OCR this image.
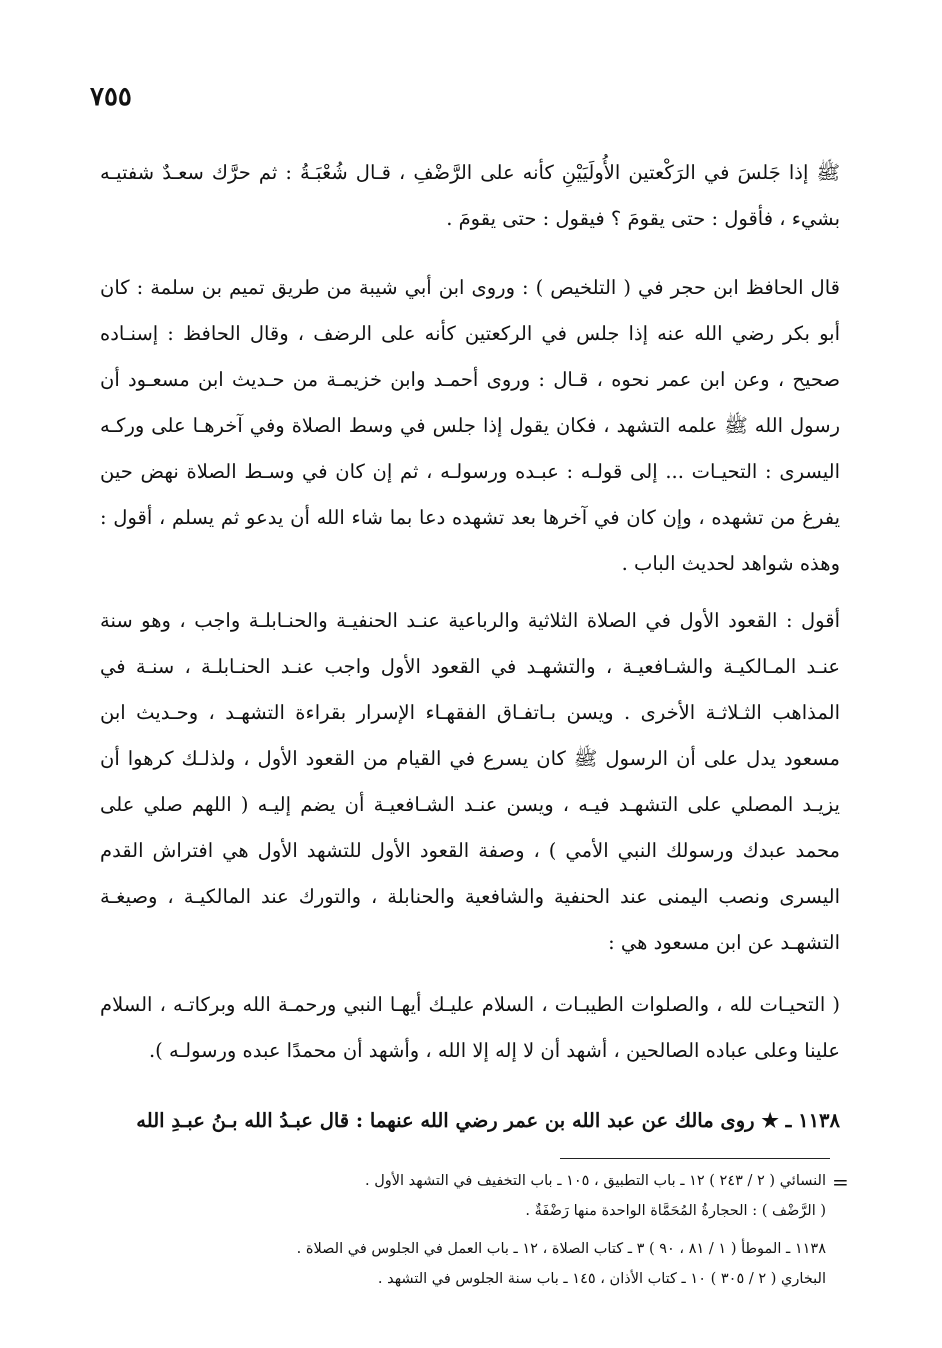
٧٥٥

ﷺ إذا جَلسَ في الرَكْعتين الأُولَيَيْنِ كأنه على الرَّضْفِ ، قـال شُعْبَـةُ : ثم حرَّك سعـدٌ شفتيـه بشيء ، فأقول : حتى يقومَ ؟ فيقول : حتى يقومَ .

قال الحافظ ابن حجر في ( التلخيص ) : وروى ابن أبي شيبة من طريق تميم بن سلمة : كان أبو بكر رضي الله عنه إذا جلس في الركعتين كأنه على الرضف ، وقال الحافظ : إسنـاده صحيح ، وعن ابن عمر نحوه ، قـال : وروى أحمـد وابن خزيمـة من حـديث ابن مسعـود أن رسول الله ﷺ علمه التشهد ، فكان يقول إذا جلس في وسط الصلاة وفي آخرهـا على وركـه اليسرى : التحيـات ... إلى قولـه : عبـده ورسولـه ، ثم إن كان في وسـط الصلاة نهض حين يفرغ من تشهده ، وإن كان في آخرها بعد تشهده دعا بما شاء الله أن يدعو ثم يسلم ، أقول : وهذه شواهد لحديث الباب .

أقول : القعود الأول في الصلاة الثلاثية والرباعية عنـد الحنفيـة والحنـابلـة واجب ، وهو سنة عنـد المـالكيـة والشـافعيـة ، والتشهـد في القعود الأول واجب عنـد الحنـابلـة ، سنـة في المذاهب الثـلاثـة الأخرى . ويسن بـاتفـاق الفقهـاء الإسرار بقراءة التشهـد ، وحـديث ابن مسعود يدل على أن الرسول ﷺ كان يسرع في القيام من القعود الأول ، ولذلـك كرهوا أن يزيـد المصلي على التشهـد فيـه ، ويسن عنـد الشـافعيـة أن يضم إليـه ( اللهم صلي على محمد عبدك ورسولك النبي الأمي ) ، وصفة القعود الأول للتشهد الأول هي افتراش القدم اليسرى ونصب اليمنى عند الحنفية والشافعية والحنابلة ، والتورك عند المالكيـة ، وصيغـة التشهـد عن ابن مسعود هي :

( التحيـات لله ، والصلوات الطيبـات ، السلام عليـك أيهـا النبي ورحمـة الله وبركاتـه ، السلام علينا وعلى عباده الصالحين ، أشهد أن لا إله إلا الله ، وأشهد أن محمدًا عبده ورسولـه ).

١١٣٨ ـ ★ روى مالك عن عبد الله بن عمر رضي الله عنهما : قال عبـدُ الله بـنُ عبـدِ الله

=
النسائي ( ٢ / ٢٤٣ ) ١٢ ـ باب التطبيق ، ١٠٥ ـ باب التخفيف في التشهد الأول .
( الرَّضْف ) : الحجارةُ المُحَمَّاة الواحدة منها رَضْفَةٌ .
١١٣٨ ـ الموطأ ( ١ / ٨١ ، ٩٠ ) ٣ ـ كتاب الصلاة ، ١٢ ـ باب العمل في الجلوس في الصلاة .
البخاري ( ٢ / ٣٠٥ ) ١٠ ـ كتاب الأذان ، ١٤٥ ـ باب سنة الجلوس في التشهد .
